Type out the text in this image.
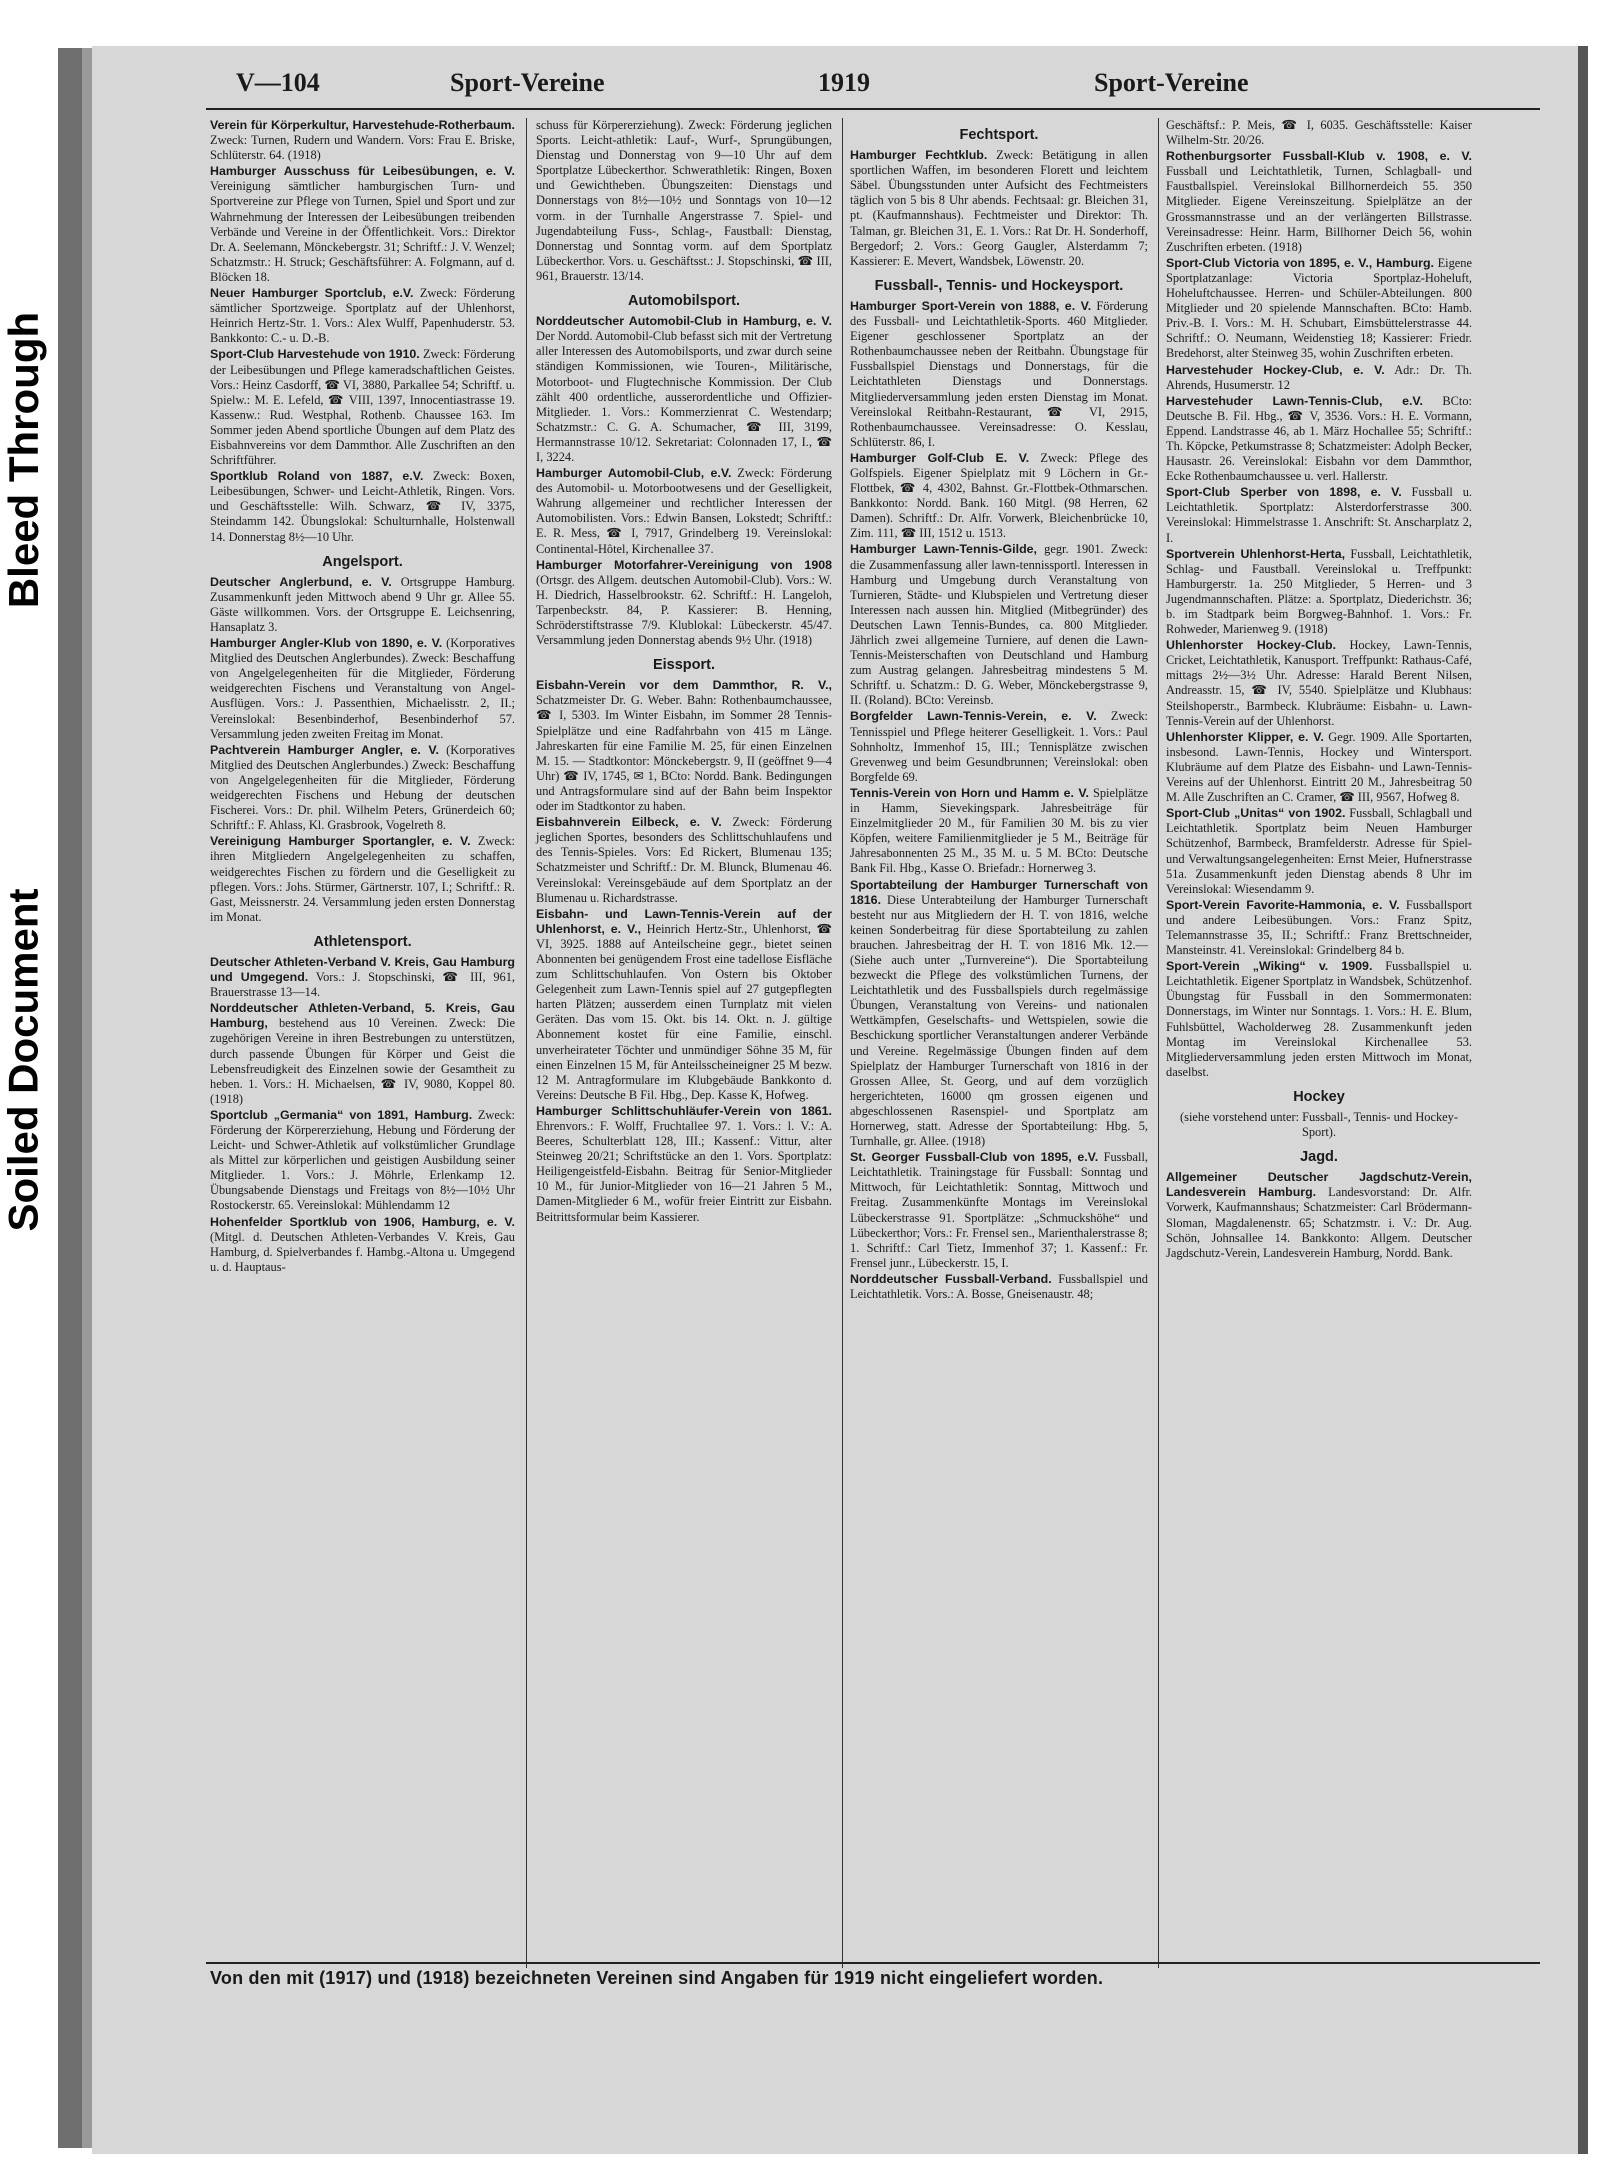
Bleed Through
Soiled Document
V—104	Sport-Vereine	1919	Sport-Vereine

Verein für Körperkultur, Harvestehude-Rotherbaum. Zweck: Turnen, Rudern und Wandern. Vors: Frau E. Briske, Schlüterstr. 64. (1918)

Hamburger Ausschuss für Leibesübungen, e. V. Vereinigung sämtlicher hamburgischen Turn- und Sportvereine zur Pflege von Turnen, Spiel und Sport und zur Wahrnehmung der Interessen der Leibesübungen treibenden Verbände und Vereine in der Öffentlichkeit. Vors.: Direktor Dr. A. Seelemann, Mönckebergstr. 31; Schriftf.: J. V. Wenzel; Schatzmstr.: H. Struck; Geschäftsführer: A. Folgmann, auf d. Blöcken 18.

Neuer Hamburger Sportclub, e.V. Zweck: Förderung sämtlicher Sportzweige. Sportplatz auf der Uhlenhorst, Heinrich Hertz-Str. 1. Vors.: Alex Wulff, Papenhuderstr. 53. Bankkonto: C.- u. D.-B.

Sport-Club Harvestehude von 1910. Zweck: Förderung der Leibesübungen und Pflege kameradschaftlichen Geistes. Vors.: Heinz Casdorff, ☎ VI, 3880, Parkallee 54; Schriftf. u. Spielw.: M. E. Lefeld, ☎ VIII, 1397, Innocentiastrasse 19. Kassenw.: Rud. Westphal, Rothenb. Chaussee 163. Im Sommer jeden Abend sportliche Übungen auf dem Platz des Eisbahnvereins vor dem Dammthor. Alle Zuschriften an den Schriftführer.

Sportklub Roland von 1887, e.V. Zweck: Boxen, Leibesübungen, Schwer- und Leicht-Athletik, Ringen. Vors. und Geschäftsstelle: Wilh. Schwarz, ☎ IV, 3375, Steindamm 142. Übungslokal: Schulturnhalle, Holstenwall 14. Donnerstag 8½—10 Uhr.

Angelsport.

Deutscher Anglerbund, e. V. Ortsgruppe Hamburg. Zusammenkunft jeden Mittwoch abend 9 Uhr gr. Allee 55. Gäste willkommen. Vors. der Ortsgruppe E. Leichsenring, Hansaplatz 3.

Hamburger Angler-Klub von 1890, e. V. (Korporatives Mitglied des Deutschen Anglerbundes). Zweck: Beschaffung von Angelgelegenheiten für die Mitglieder, Förderung weidgerechten Fischens und Veranstaltung von Angel-Ausflügen. Vors.: J. Passenthien, Michaelisstr. 2, II.; Vereinslokal: Besenbinderhof, Besenbinderhof 57. Versammlung jeden zweiten Freitag im Monat.

Pachtverein Hamburger Angler, e. V. (Korporatives Mitglied des Deutschen Anglerbundes.) Zweck: Beschaffung von Angelgelegenheiten für die Mitglieder, Förderung weidgerechten Fischens und Hebung der deutschen Fischerei. Vors.: Dr. phil. Wilhelm Peters, Grünerdeich 60; Schriftf.: F. Ahlass, Kl. Grasbrook, Vogelreth 8.

Vereinigung Hamburger Sportangler, e. V. Zweck: ihren Mitgliedern Angelgelegenheiten zu schaffen, weidgerechtes Fischen zu fördern und die Geselligkeit zu pflegen. Vors.: Johs. Stürmer, Gärtnerstr. 107, I.; Schriftf.: R. Gast, Meissnerstr. 24. Versammlung jeden ersten Donnerstag im Monat.

Athletensport.

Deutscher Athleten-Verband V. Kreis, Gau Hamburg und Umgegend. Vors.: J. Stopschinski, ☎ III, 961, Brauerstrasse 13—14.

Norddeutscher Athleten-Verband, 5. Kreis, Gau Hamburg, bestehend aus 10 Vereinen. Zweck: Die zugehörigen Vereine in ihren Bestrebungen zu unterstützen, durch passende Übungen für Körper und Geist die Lebensfreudigkeit des Einzelnen sowie der Gesamtheit zu heben. 1. Vors.: H. Michaelsen, ☎ IV, 9080, Koppel 80. (1918)

Sportclub „Germania“ von 1891, Hamburg. Zweck: Förderung der Körpererziehung, Hebung und Förderung der Leicht- und Schwer-Athletik auf volkstümlicher Grundlage als Mittel zur körperlichen und geistigen Ausbildung seiner Mitglieder. 1. Vors.: J. Möhrle, Erlenkamp 12. Übungsabende Dienstags und Freitags von 8½—10½ Uhr Rostockerstr. 65. Vereinslokal: Mühlendamm 12

Hohenfelder Sportklub von 1906, Hamburg, e. V. (Mitgl. d. Deutschen Athleten-Verbandes V. Kreis, Gau Hamburg, d. Spielverbandes f. Hambg.-Altona u. Umgegend u. d. Hauptaus-

schuss für Körpererziehung). Zweck: Förderung jeglichen Sports. Leicht-athletik: Lauf-, Wurf-, Sprungübungen, Dienstag und Donnerstag von 9—10 Uhr auf dem Sportplatze Lübeckerthor. Schwerathletik: Ringen, Boxen und Gewichtheben. Übungszeiten: Dienstags und Donnerstags von 8½—10½ und Sonntags von 10—12 vorm. in der Turnhalle Angerstrasse 7. Spiel- und Jugendabteilung Fuss-, Schlag-, Faustball: Dienstag, Donnerstag und Sonntag vorm. auf dem Sportplatz Lübeckerthor. Vors. u. Geschäftsst.: J. Stopschinski, ☎ III, 961, Brauerstr. 13/14.

Automobilsport.

Norddeutscher Automobil-Club in Hamburg, e. V. Der Nordd. Automobil-Club befasst sich mit der Vertretung aller Interessen des Automobilsports, und zwar durch seine ständigen Kommissionen, wie Touren-, Militärische, Motorboot- und Flugtechnische Kommission. Der Club zählt 400 ordentliche, ausserordentliche und Offizier-Mitglieder. 1. Vors.: Kommerzienrat C. Westendarp; Schatzmstr.: C. G. A. Schumacher, ☎ III, 3199, Hermannstrasse 10/12. Sekretariat: Colonnaden 17, I., ☎ I, 3224.

Hamburger Automobil-Club, e.V. Zweck: Förderung des Automobil- u. Motorbootwesens und der Geselligkeit, Wahrung allgemeiner und rechtlicher Interessen der Automobilisten. Vors.: Edwin Bansen, Lokstedt; Schriftf.: E. R. Mess, ☎ I, 7917, Grindelberg 19. Vereinslokal: Continental-Hôtel, Kirchenallee 37.

Hamburger Motorfahrer-Vereinigung von 1908 (Ortsgr. des Allgem. deutschen Automobil-Club). Vors.: W. H. Diedrich, Hasselbrookstr. 62. Schriftf.: H. Langeloh, Tarpenbeckstr. 84, P. Kassierer: B. Henning, Schröderstiftstrasse 7/9. Klublokal: Lübeckerstr. 45/47. Versammlung jeden Donnerstag abends 9½ Uhr. (1918)

Eissport.

Eisbahn-Verein vor dem Dammthor, R. V., Schatzmeister Dr. G. Weber. Bahn: Rothenbaumchaussee, ☎ I, 5303. Im Winter Eisbahn, im Sommer 28 Tennis-Spielplätze und eine Radfahrbahn von 415 m Länge. Jahreskarten für eine Familie M. 25, für einen Einzelnen M. 15. — Stadtkontor: Mönckebergstr. 9, II (geöffnet 9—4 Uhr) ☎ IV, 1745, ✉ 1, BCto: Nordd. Bank. Bedingungen und Antragsformulare sind auf der Bahn beim Inspektor oder im Stadtkontor zu haben.

Eisbahnverein Eilbeck, e. V. Zweck: Förderung jeglichen Sportes, besonders des Schlittschuhlaufens und des Tennis-Spieles. Vors: Ed Rickert, Blumenau 135; Schatzmeister und Schriftf.: Dr. M. Blunck, Blumenau 46. Vereinslokal: Vereinsgebäude auf dem Sportplatz an der Blumenau u. Richardstrasse.

Eisbahn- und Lawn-Tennis-Verein auf der Uhlenhorst, e. V., Heinrich Hertz-Str., Uhlenhorst, ☎ VI, 3925. 1888 auf Anteilscheine gegr., bietet seinen Abonnenten bei genügendem Frost eine tadellose Eisfläche zum Schlittschuhlaufen. Von Ostern bis Oktober Gelegenheit zum Lawn-Tennis spiel auf 27 gutgepflegten harten Plätzen; ausserdem einen Turnplatz mit vielen Geräten. Das vom 15. Okt. bis 14. Okt. n. J. gültige Abonnement kostet für eine Familie, einschl. unverheirateter Töchter und unmündiger Söhne 35 M, für einen Einzelnen 15 M, für Anteilsscheineigner 25 M bezw. 12 M. Antragformulare im Klubgebäude Bankkonto d. Vereins: Deutsche B Fil. Hbg., Dep. Kasse K, Hofweg.

Hamburger Schlittschuhläufer-Verein von 1861. Ehrenvors.: F. Wolff, Fruchtallee 97. 1. Vors.: l. V.: A. Beeres, Schulterblatt 128, III.; Kassenf.: Vittur, alter Steinweg 20/21; Schriftstücke an den 1. Vors. Sportplatz: Heiligengeistfeld-Eisbahn. Beitrag für Senior-Mitglieder 10 M., für Junior-Mitglieder von 16—21 Jahren 5 M., Damen-Mitglieder 6 M., wofür freier Eintritt zur Eisbahn. Beitrittsformular beim Kassierer.

Fechtsport.

Hamburger Fechtklub. Zweck: Betätigung in allen sportlichen Waffen, im besonderen Florett und leichtem Säbel. Übungsstunden unter Aufsicht des Fechtmeisters täglich von 5 bis 8 Uhr abends. Fechtsaal: gr. Bleichen 31, pt. (Kaufmannshaus). Fechtmeister und Direktor: Th. Talman, gr. Bleichen 31, E. 1. Vors.: Rat Dr. H. Sonderhoff, Bergedorf; 2. Vors.: Georg Gaugler, Alsterdamm 7; Kassierer: E. Mevert, Wandsbek, Löwenstr. 20.

Fussball-, Tennis- und Hockeysport.

Hamburger Sport-Verein von 1888, e. V. Förderung des Fussball- und Leichtathletik-Sports. 460 Mitglieder. Eigener geschlossener Sportplatz an der Rothenbaumchaussee neben der Reitbahn. Übungstage für Fussballspiel Dienstags und Donnerstags, für die Leichtathleten Dienstags und Donnerstags. Mitgliederversammlung jeden ersten Dienstag im Monat. Vereinslokal Reitbahn-Restaurant, ☎ VI, 2915, Rothenbaumchaussee. Vereinsadresse: O. Kesslau, Schlüterstr. 86, I.

Hamburger Golf-Club E. V. Zweck: Pflege des Golfspiels. Eigener Spielplatz mit 9 Löchern in Gr.-Flottbek, ☎ 4, 4302, Bahnst. Gr.-Flottbek-Othmarschen. Bankkonto: Nordd. Bank. 160 Mitgl. (98 Herren, 62 Damen). Schriftf.: Dr. Alfr. Vorwerk, Bleichenbrücke 10, Zim. 111, ☎ III, 1512 u. 1513.

Hamburger Lawn-Tennis-Gilde, gegr. 1901. Zweck: die Zusammenfassung aller lawn-tennissportl. Interessen in Hamburg und Umgebung durch Veranstaltung von Turnieren, Städte- und Klubspielen und Vertretung dieser Interessen nach aussen hin. Mitglied (Mitbegründer) des Deutschen Lawn Tennis-Bundes, ca. 800 Mitglieder. Jährlich zwei allgemeine Turniere, auf denen die Lawn-Tennis-Meisterschaften von Deutschland und Hamburg zum Austrag gelangen. Jahresbeitrag mindestens 5 M. Schriftf. u. Schatzm.: D. G. Weber, Mönckebergstrasse 9, II. (Roland). BCto: Vereinsb.

Borgfelder Lawn-Tennis-Verein, e. V. Zweck: Tennisspiel und Pflege heiterer Geselligkeit. 1. Vors.: Paul Sohnholtz, Immenhof 15, III.; Tennisplätze zwischen Grevenweg und beim Gesundbrunnen; Vereinslokal: oben Borgfelde 69.

Tennis-Verein von Horn und Hamm e. V. Spielplätze in Hamm, Sievekingspark. Jahresbeiträge für Einzelmitglieder 20 M., für Familien 30 M. bis zu vier Köpfen, weitere Familienmitglieder je 5 M., Beiträge für Jahresabonnenten 25 M., 35 M. u. 5 M. BCto: Deutsche Bank Fil. Hbg., Kasse O. Briefadr.: Hornerweg 3.

Sportabteilung der Hamburger Turnerschaft von 1816. Diese Unterabteilung der Hamburger Turnerschaft besteht nur aus Mitgliedern der H. T. von 1816, welche keinen Sonderbeitrag für diese Sportabteilung zu zahlen brauchen. Jahresbeitrag der H. T. von 1816 Mk. 12.— (Siehe auch unter „Turnvereine“). Die Sportabteilung bezweckt die Pflege des volkstümlichen Turnens, der Leichtathletik und des Fussballspiels durch regelmässige Übungen, Veranstaltung von Vereins- und nationalen Wettkämpfen, Geselschafts- und Wettspielen, sowie die Beschickung sportlicher Veranstaltungen anderer Verbände und Vereine. Regelmässige Übungen finden auf dem Spielplatz der Hamburger Turnerschaft von 1816 in der Grossen Allee, St. Georg, und auf dem vorzüglich hergerichteten, 16000 qm grossen eigenen und abgeschlossenen Rasenspiel- und Sportplatz am Hornerweg, statt. Adresse der Sportabteilung: Hbg. 5, Turnhalle, gr. Allee. (1918)

St. Georger Fussball-Club von 1895, e.V. Fussball, Leichtathletik. Trainingstage für Fussball: Sonntag und Mittwoch, für Leichtathletik: Sonntag, Mittwoch und Freitag. Zusammenkünfte Montags im Vereinslokal Lübeckerstrasse 91. Sportplätze: „Schmuckshöhe“ und Lübeckerthor; Vors.: Fr. Frensel sen., Marienthalerstrasse 8; 1. Schriftf.: Carl Tietz, Immenhof 37; 1. Kassenf.: Fr. Frensel junr., Lübeckerstr. 15, I.

Norddeutscher Fussball-Verband. Fussballspiel und Leichtathletik. Vors.: A. Bosse, Gneisenaustr. 48;

Geschäftsf.: P. Meis, ☎ I, 6035. Geschäftsstelle: Kaiser Wilhelm-Str. 20/26.

Rothenburgsorter Fussball-Klub v. 1908, e. V. Fussball und Leichtathletik, Turnen, Schlagball- und Faustballspiel. Vereinslokal Billhornerdeich 55. 350 Mitglieder. Eigene Vereinszeitung. Spielplätze an der Grossmannstrasse und an der verlängerten Billstrasse. Vereinsadresse: Heinr. Harm, Billhorner Deich 56, wohin Zuschriften erbeten. (1918)

Sport-Club Victoria von 1895, e. V., Hamburg. Eigene Sportplatzanlage: Victoria Sportplaz-Hoheluft, Hoheluftchaussee. Herren- und Schüler-Abteilungen. 800 Mitglieder und 20 spielende Mannschaften. BCto: Hamb. Priv.-B. I. Vors.: M. H. Schubart, Eimsbüttelerstrasse 44. Schriftf.: O. Neumann, Weidenstieg 18; Kassierer: Friedr. Bredehorst, alter Steinweg 35, wohin Zuschriften erbeten.

Harvestehuder Hockey-Club, e. V. Adr.: Dr. Th. Ahrends, Husumerstr. 12

Harvestehuder Lawn-Tennis-Club, e.V. BCto: Deutsche B. Fil. Hbg., ☎ V, 3536. Vors.: H. E. Vormann, Eppend. Landstrasse 46, ab 1. März Hochallee 55; Schriftf.: Th. Köpcke, Petkumstrasse 8; Schatzmeister: Adolph Becker, Hausastr. 26. Vereinslokal: Eisbahn vor dem Dammthor, Ecke Rothenbaumchaussee u. verl. Hallerstr.

Sport-Club Sperber von 1898, e. V. Fussball u. Leichtathletik. Sportplatz: Alsterdorferstrasse 300. Vereinslokal: Himmelstrasse 1. Anschrift: St. Anscharplatz 2, I.

Sportverein Uhlenhorst-Herta, Fussball, Leichtathletik, Schlag- und Faustball. Vereinslokal u. Treffpunkt: Hamburgerstr. 1a. 250 Mitglieder, 5 Herren- und 3 Jugendmannschaften. Plätze: a. Sportplatz, Diederichstr. 36; b. im Stadtpark beim Borgweg-Bahnhof. 1. Vors.: Fr. Rohweder, Marienweg 9. (1918)

Uhlenhorster Hockey-Club. Hockey, Lawn-Tennis, Cricket, Leichtathletik, Kanusport. Treffpunkt: Rathaus-Café, mittags 2½—3½ Uhr. Adresse: Harald Berent Nilsen, Andreasstr. 15, ☎ IV, 5540. Spielplätze und Klubhaus: Steilshoperstr., Barmbeck. Klubräume: Eisbahn- u. Lawn-Tennis-Verein auf der Uhlenhorst.

Uhlenhorster Klipper, e. V. Gegr. 1909. Alle Sportarten, insbesond. Lawn-Tennis, Hockey und Wintersport. Klubräume auf dem Platze des Eisbahn- und Lawn-Tennis-Vereins auf der Uhlenhorst. Eintritt 20 M., Jahresbeitrag 50 M. Alle Zuschriften an C. Cramer, ☎ III, 9567, Hofweg 8.

Sport-Club „Unitas“ von 1902. Fussball, Schlagball und Leichtathletik. Sportplatz beim Neuen Hamburger Schützenhof, Barmbeck, Bramfelderstr. Adresse für Spiel- und Verwaltungsangelegenheiten: Ernst Meier, Hufnerstrasse 51a. Zusammenkunft jeden Dienstag abends 8 Uhr im Vereinslokal: Wiesendamm 9.

Sport-Verein Favorite-Hammonia, e. V. Fussballsport und andere Leibesübungen. Vors.: Franz Spitz, Telemannstrasse 35, II.; Schriftf.: Franz Brettschneider, Mansteinstr. 41. Vereinslokal: Grindelberg 84 b.

Sport-Verein „Wiking“ v. 1909. Fussballspiel u. Leichtathletik. Eigener Sportplatz in Wandsbek, Schützenhof. Übungstag für Fussball in den Sommermonaten: Donnerstags, im Winter nur Sonntags. 1. Vors.: H. E. Blum, Fuhlsbüttel, Wacholderweg 28. Zusammenkunft jeden Montag im Vereinslokal Kirchenallee 53. Mitgliederversammlung jeden ersten Mittwoch im Monat, daselbst.

Hockey
(siehe vorstehend unter: Fussball-, Tennis- und Hockey-Sport).
Jagd.

Allgemeiner Deutscher Jagdschutz-Verein, Landesverein Hamburg. Landesvorstand: Dr. Alfr. Vorwerk, Kaufmannshaus; Schatzmeister: Carl Brödermann-Sloman, Magdalenenstr. 65; Schatzmstr. i. V.: Dr. Aug. Schön, Johnsallee 14. Bankkonto: Allgem. Deutscher Jagdschutz-Verein, Landesverein Hamburg, Nordd. Bank.

Von den mit (1917) und (1918) bezeichneten Vereinen sind Angaben für 1919 nicht eingeliefert worden.
